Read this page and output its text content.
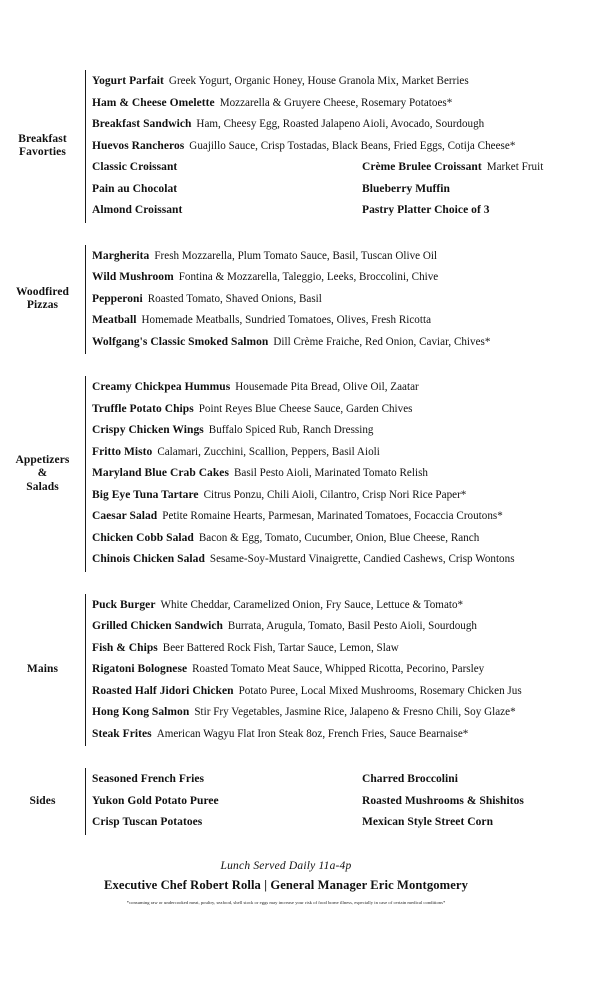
Breakfast
Favorties
Yogurt Parfait Greek Yogurt, Organic Honey, House Granola Mix, Market Berries
Ham & Cheese Omelette Mozzarella & Gruyere Cheese, Rosemary Potatoes*
Breakfast Sandwich Ham, Cheesy Egg, Roasted Jalapeno Aioli, Avocado, Sourdough
Huevos Rancheros Guajillo Sauce, Crisp Tostadas, Black Beans, Fried Eggs, Cotija Cheese*
Classic Croissant	Crème Brulee Croissant Market Fruit
Pain au Chocolat	Blueberry Muffin
Almond Croissant	Pastry Platter Choice of 3
Woodfired
Pizzas
Margherita Fresh Mozzarella, Plum Tomato Sauce, Basil, Tuscan Olive Oil
Wild Mushroom Fontina & Mozzarella, Taleggio, Leeks, Broccolini, Chive
Pepperoni Roasted Tomato, Shaved Onions, Basil
Meatball Homemade Meatballs, Sundried Tomatoes, Olives, Fresh Ricotta
Wolfgang's Classic Smoked Salmon Dill Crème Fraiche, Red Onion, Caviar, Chives*
Appetizers
&
Salads
Creamy Chickpea Hummus Housemade Pita Bread, Olive Oil, Zaatar
Truffle Potato Chips Point Reyes Blue Cheese Sauce, Garden Chives
Crispy Chicken Wings Buffalo Spiced Rub, Ranch Dressing
Fritto Misto Calamari, Zucchini, Scallion, Peppers, Basil Aioli
Maryland Blue Crab Cakes Basil Pesto Aioli, Marinated Tomato Relish
Big Eye Tuna Tartare Citrus Ponzu, Chili Aioli, Cilantro, Crisp Nori Rice Paper*
Caesar Salad Petite Romaine Hearts, Parmesan, Marinated Tomatoes, Focaccia Croutons*
Chicken Cobb Salad Bacon & Egg, Tomato, Cucumber, Onion, Blue Cheese, Ranch
Chinois Chicken Salad Sesame-Soy-Mustard Vinaigrette, Candied Cashews, Crisp Wontons
Mains
Puck Burger White Cheddar, Caramelized Onion, Fry Sauce, Lettuce & Tomato*
Grilled Chicken Sandwich Burrata, Arugula, Tomato, Basil Pesto Aioli, Sourdough
Fish & Chips Beer Battered Rock Fish, Tartar Sauce, Lemon, Slaw
Rigatoni Bolognese Roasted Tomato Meat Sauce, Whipped Ricotta, Pecorino, Parsley
Roasted Half Jidori Chicken Potato Puree, Local Mixed Mushrooms, Rosemary Chicken Jus
Hong Kong Salmon Stir Fry Vegetables, Jasmine Rice, Jalapeno & Fresno Chili, Soy Glaze*
Steak Frites American Wagyu Flat Iron Steak 8oz, French Fries, Sauce Bearnaise*
Sides
Seasoned French Fries	Charred Broccolini
Yukon Gold Potato Puree	Roasted Mushrooms & Shishitos
Crisp Tuscan Potatoes	Mexican Style Street Corn
Lunch Served Daily 11a-4p
Executive Chef Robert Rolla | General Manager Eric Montgomery
*consuming raw or undercooked meat, poultry, seafood, shell stock or eggs may increase your risk of food borne illness, especially in case of certain medical conditions*
